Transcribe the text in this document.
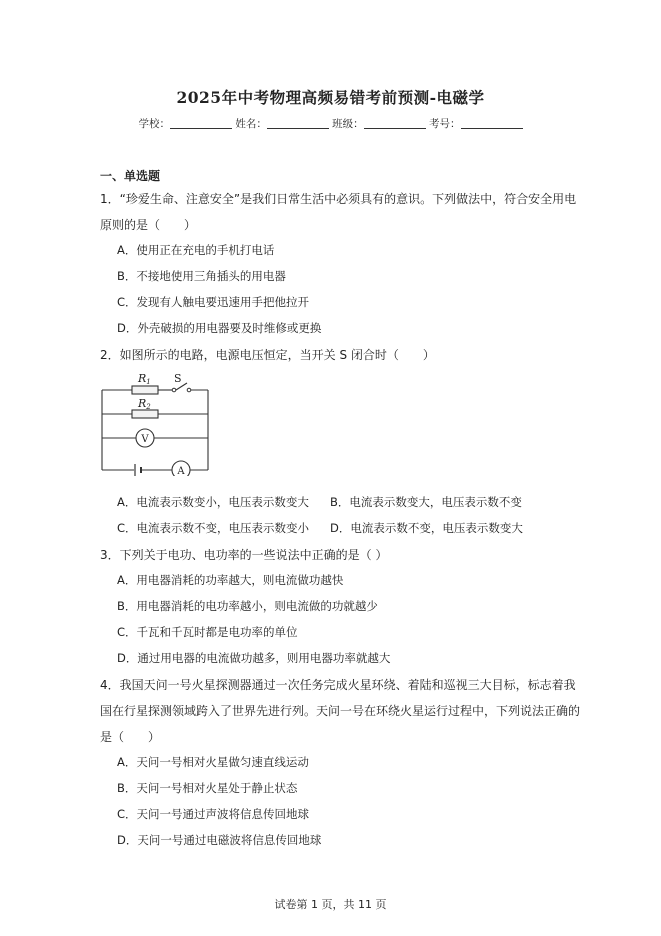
2025年中考物理高频易错考前预测-电磁学
学校：	姓名：	班级：	考号：
一、单选题
1．“珍爱生命、注意安全”是我们日常生活中必须具有的意识。下列做法中，符合安全用电
原则的是（　　）
A．使用正在充电的手机打电话
B．不接地使用三角插头的用电器
C．发现有人触电要迅速用手把他拉开
D．外壳破损的用电器要及时维修或更换
2．如图所示的电路，电源电压恒定，当开关 S 闭合时（　　）
R1 S
R2
V
A
A．电流表示数变小，电压表示数变大 B．电流表示数变大，电压表示数不变
C．电流表示数不变，电压表示数变小 D．电流表示数不变，电压表示数变大
3．下列关于电功、电功率的一些说法中正确的是（ ）
A．用电器消耗的功率越大，则电流做功越快
B．用电器消耗的电功率越小，则电流做的功就越少
C．千瓦和千瓦时都是电功率的单位
D．通过用电器的电流做功越多，则用电器功率就越大
4．我国天问一号火星探测器通过一次任务完成火星环绕、着陆和巡视三大目标，标志着我
国在行星探测领域跨入了世界先进行列。天问一号在环绕火星运行过程中，下列说法正确的
是（　　）
A．天问一号相对火星做匀速直线运动
B．天问一号相对火星处于静止状态
C．天问一号通过声波将信息传回地球
D．天问一号通过电磁波将信息传回地球
试卷第 1 页，共 11 页
